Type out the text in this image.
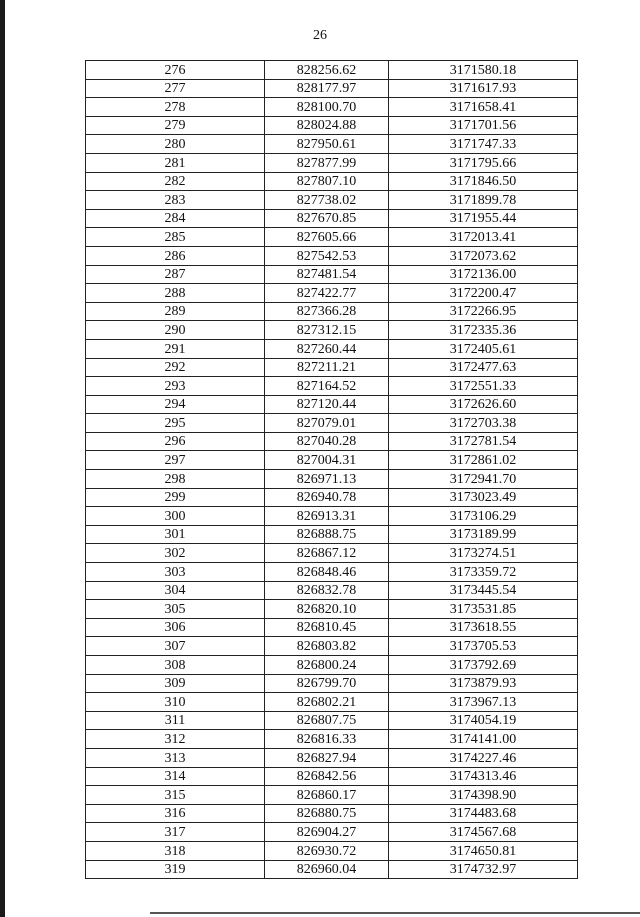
26
276	828256.62	3171580.18
277	828177.97	3171617.93
278	828100.70	3171658.41
279	828024.88	3171701.56
280	827950.61	3171747.33
281	827877.99	3171795.66
282	827807.10	3171846.50
283	827738.02	3171899.78
284	827670.85	3171955.44
285	827605.66	3172013.41
286	827542.53	3172073.62
287	827481.54	3172136.00
288	827422.77	3172200.47
289	827366.28	3172266.95
290	827312.15	3172335.36
291	827260.44	3172405.61
292	827211.21	3172477.63
293	827164.52	3172551.33
294	827120.44	3172626.60
295	827079.01	3172703.38
296	827040.28	3172781.54
297	827004.31	3172861.02
298	826971.13	3172941.70
299	826940.78	3173023.49
300	826913.31	3173106.29
301	826888.75	3173189.99
302	826867.12	3173274.51
303	826848.46	3173359.72
304	826832.78	3173445.54
305	826820.10	3173531.85
306	826810.45	3173618.55
307	826803.82	3173705.53
308	826800.24	3173792.69
309	826799.70	3173879.93
310	826802.21	3173967.13
311	826807.75	3174054.19
312	826816.33	3174141.00
313	826827.94	3174227.46
314	826842.56	3174313.46
315	826860.17	3174398.90
316	826880.75	3174483.68
317	826904.27	3174567.68
318	826930.72	3174650.81
319	826960.04	3174732.97
